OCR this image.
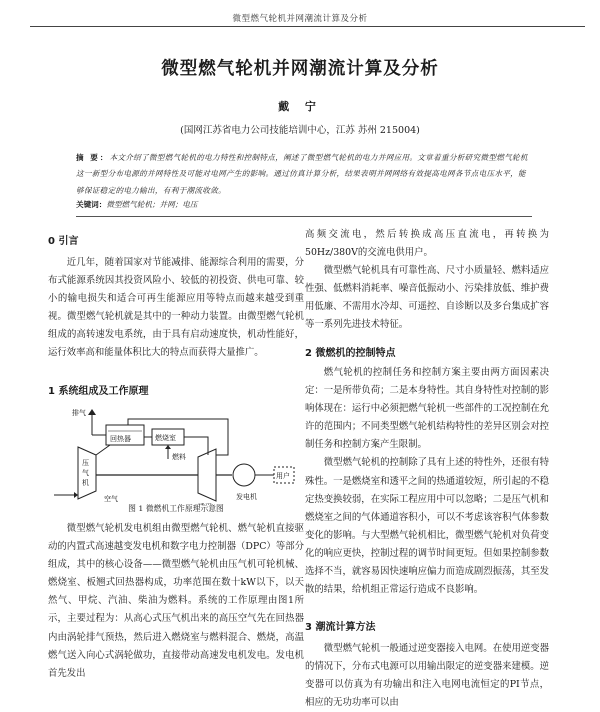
微型燃气轮机并网潮流计算及分析
微型燃气轮机并网潮流计算及分析
戴 宁
(国网江苏省电力公司技能培训中心，江苏 苏州 215004)
摘 要：本文介绍了微型燃气轮机的电力特性和控制特点，阐述了微型燃气轮机的电力并网应用。文章着重分析研究微型燃气轮机这一新型分布电源的并网特性及可能对电网产生的影响。通过仿真计算分析，结果表明并网网络有效提高电网各节点电压水平，能够保证稳定的电力输出，有利于潮流收敛。
关键词：微型燃气轮机；并网；电压
0 引言

近几年，随着国家对节能减排、能源综合利用的需要，分布式能源系统因其投资风险小、较低的初投资、供电可靠、较小的输电损失和适合可再生能源应用等特点而越来越受到重视。微型燃气轮机就是其中的一种动力装置。由微型燃气轮机组成的高转速发电系统，由于具有启动速度快，机动性能好，运行效率高和能量体积比大的特点而获得大量推广。

1 系统组成及工作原理
排气
回热器	燃烧室
燃料
压
气
机
空气	发电机
用户
图 1 微燃机工作原理示意图

微型燃气轮机发电机组由微型燃气轮机、燃气轮机直接驱动的内置式高速越变发电机和数字电力控制器（DPC）等部分组成，其中的核心设备——微型燃气轮机由压气机可轮机械、燃烧室、板翘式回热器构成，功率范围在数十kW以下，以天然气、甲烷、汽油、柴油为燃料。系统的工作原理由图1所示，主要过程为：从高心式压气机出来的高压空气先在回热器内由涡轮排气预热，然后进入燃烧室与燃料混合、燃烧，高温燃气送入向心式涡轮做功，直接带动高速发电机发电。发电机首先发出

高频交流电，然后转换成高压直流电，再转换为50Hz/380V的交流电供用户。

微型燃气轮机具有可靠性高、尺寸小质量轻、燃料适应性强、低燃料消耗率、噪音低振动小、污染排放低、维护费用低廉、不需用水冷却、可遥控、自诊断以及多台集成扩容等一系列先进技术特征。

2 微燃机的控制特点

燃气轮机的控制任务和控制方案主要由两方面因素决定：一是所带负荷；二是本身特性。其自身特性对控制的影响体现在：运行中必须把燃气轮机一些部件的工况控制在允许的范围内；不同类型燃气轮机结构特性的差异区别会对控制任务和控制方案产生限制。

微型燃气轮机的控制除了具有上述的特性外，还很有特殊性。一是燃烧室和透平之间的热通道较短，所引起的不稳定热变换较弱，在实际工程应用中可以忽略；二是压气机和燃烧室之间的气体通道容积小，可以不考虑该容积气体参数变化的影响。与大型燃气轮机相比，微型燃气轮机对负荷变化的响应更快，控制过程的调节时间更短。但如果控制参数选择不当，就容易因快速响应偏力而造成剧烈振荡，其至发散的结果，给机组正常运行造成不良影响。

3 潮流计算方法

微型燃气轮机一般通过逆变器接入电网。在使用逆变器的情况下，分布式电源可以用输出限定的逆变器来建模。逆变器可以仿真为有功输出和注入电网电流恒定的PI节点，相应的无功功率可以由
